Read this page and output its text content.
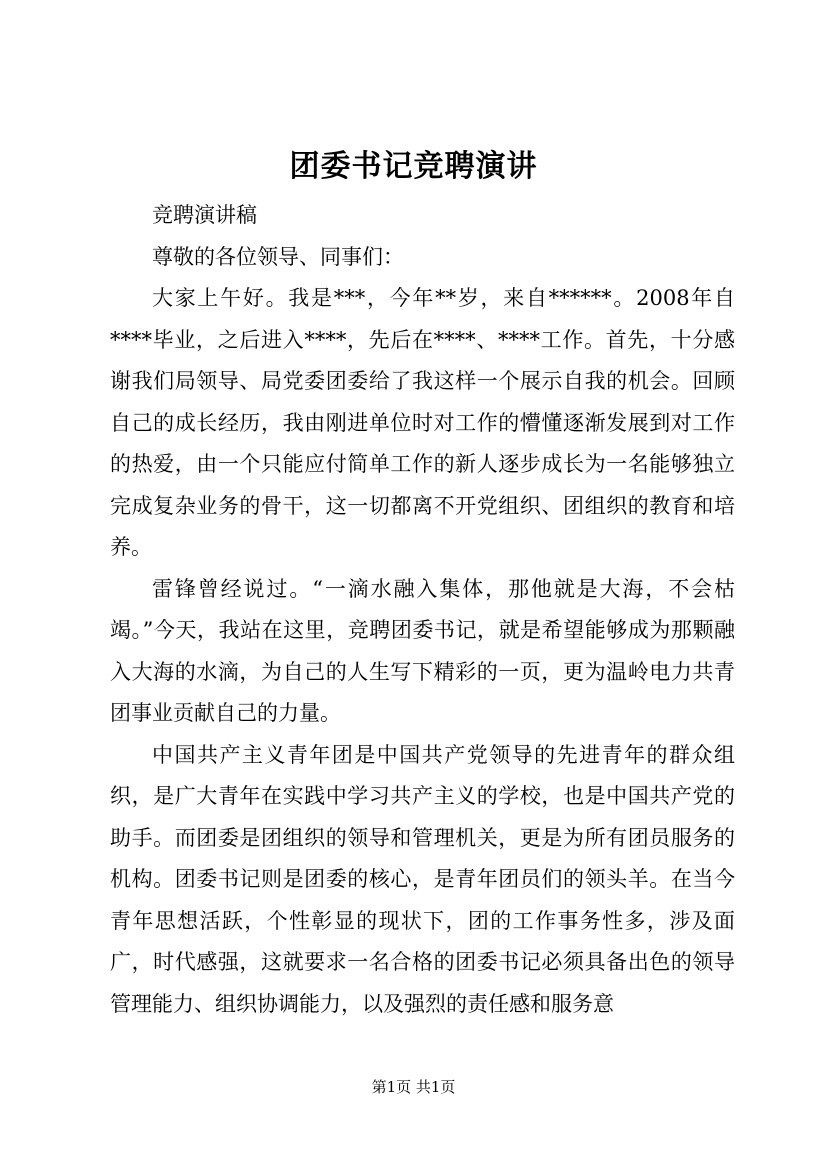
团委书记竞聘演讲

竞聘演讲稿

尊敬的各位领导、同事们：

大家上午好。我是***，今年**岁，来自******。2008年自****毕业，之后进入****，先后在****、****工作。首先，十分感谢我们局领导、局党委团委给了我这样一个展示自我的机会。回顾自己的成长经历，我由刚进单位时对工作的懵懂逐渐发展到对工作的热爱，由一个只能应付简单工作的新人逐步成长为一名能够独立完成复杂业务的骨干，这一切都离不开党组织、团组织的教育和培养。

雷锋曾经说过。“一滴水融入集体，那他就是大海，不会枯竭。”今天，我站在这里，竞聘团委书记，就是希望能够成为那颗融入大海的水滴，为自己的人生写下精彩的一页，更为温岭电力共青团事业贡献自己的力量。

中国共产主义青年团是中国共产党领导的先进青年的群众组织，是广大青年在实践中学习共产主义的学校，也是中国共产党的助手。而团委是团组织的领导和管理机关，更是为所有团员服务的机构。团委书记则是团委的核心，是青年团员们的领头羊。在当今青年思想活跃，个性彰显的现状下，团的工作事务性多，涉及面广，时代感强，这就要求一名合格的团委书记必须具备出色的领导管理能力、组织协调能力，以及强烈的责任感和服务意

第1页 共1页
